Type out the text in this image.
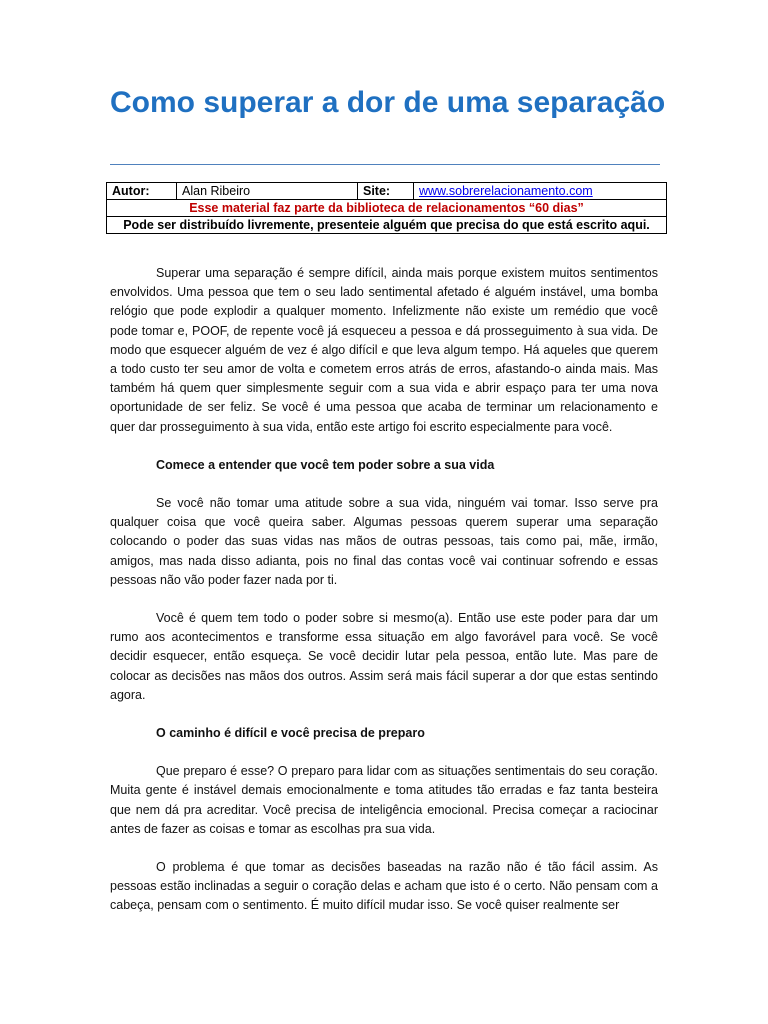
Como superar a dor de uma separação
Autor:	Alan Ribeiro	Site:	www.sobrerelacionamento.com
Esse material faz parte da biblioteca de relacionamentos “60 dias”
Pode ser distribuído livremente, presenteie alguém que precisa do que está escrito aqui.

Superar uma separação é sempre difícil, ainda mais porque existem muitos sentimentos envolvidos. Uma pessoa que tem o seu lado sentimental afetado é alguém instável, uma bomba relógio que pode explodir a qualquer momento. Infelizmente não existe um remédio que você pode tomar e, POOF, de repente você já esqueceu a pessoa e dá prosseguimento à sua vida. De modo que esquecer alguém de vez é algo difícil e que leva algum tempo. Há aqueles que querem a todo custo ter seu amor de volta e cometem erros atrás de erros, afastando-o ainda mais. Mas também há quem quer simplesmente seguir com a sua vida e abrir espaço para ter uma nova oportunidade de ser feliz. Se você é uma pessoa que acaba de terminar um relacionamento e quer dar prosseguimento à sua vida, então este artigo foi escrito especialmente para você.

Comece a entender que você tem poder sobre a sua vida

Se você não tomar uma atitude sobre a sua vida, ninguém vai tomar. Isso serve pra qualquer coisa que você queira saber. Algumas pessoas querem superar uma separação colocando o poder das suas vidas nas mãos de outras pessoas, tais como pai, mãe, irmão, amigos, mas nada disso adianta, pois no final das contas você vai continuar sofrendo e essas pessoas não vão poder fazer nada por ti.

Você é quem tem todo o poder sobre si mesmo(a). Então use este poder para dar um rumo aos acontecimentos e transforme essa situação em algo favorável para você. Se você decidir esquecer, então esqueça. Se você decidir lutar pela pessoa, então lute. Mas pare de colocar as decisões nas mãos dos outros. Assim será mais fácil superar a dor que estas sentindo agora.

O caminho é difícil e você precisa de preparo

Que preparo é esse? O preparo para lidar com as situações sentimentais do seu coração. Muita gente é instável demais emocionalmente e toma atitudes tão erradas e faz tanta besteira que nem dá pra acreditar. Você precisa de inteligência emocional. Precisa começar a raciocinar antes de fazer as coisas e tomar as escolhas pra sua vida.

O problema é que tomar as decisões baseadas na razão não é tão fácil assim. As pessoas estão inclinadas a seguir o coração delas e acham que isto é o certo. Não pensam com a cabeça, pensam com o sentimento. É muito difícil mudar isso. Se você quiser realmente ser
